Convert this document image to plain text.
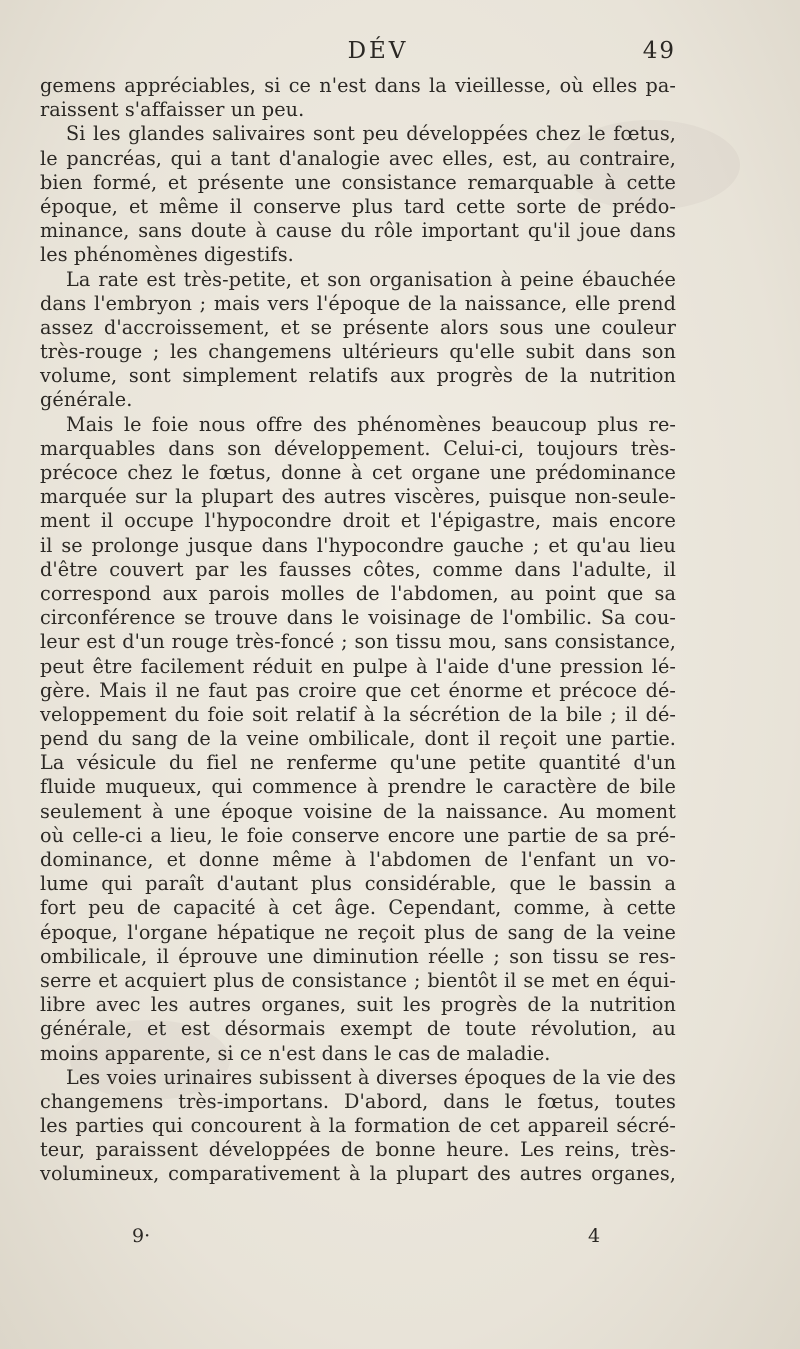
DÉV	49
gemens appréciables, si ce n'est dans la vieillesse, où elles pa-
raissent s'affaisser un peu.
Si les glandes salivaires sont peu développées chez le fœtus,
le pancréas, qui a tant d'analogie avec elles, est, au contraire,
bien formé, et présente une consistance remarquable à cette
époque, et même il conserve plus tard cette sorte de prédo-
minance, sans doute à cause du rôle important qu'il joue dans
les phénomènes digestifs.
La rate est très-petite, et son organisation à peine ébauchée
dans l'embryon ; mais vers l'époque de la naissance, elle prend
assez d'accroissement, et se présente alors sous une couleur
très-rouge ; les changemens ultérieurs qu'elle subit dans son
volume, sont simplement relatifs aux progrès de la nutrition
générale.
Mais le foie nous offre des phénomènes beaucoup plus re-
marquables dans son développement. Celui-ci, toujours très-
précoce chez le fœtus, donne à cet organe une prédominance
marquée sur la plupart des autres viscères, puisque non-seule-
ment il occupe l'hypocondre droit et l'épigastre, mais encore
il se prolonge jusque dans l'hypocondre gauche ; et qu'au lieu
d'être couvert par les fausses côtes, comme dans l'adulte, il
correspond aux parois molles de l'abdomen, au point que sa
circonférence se trouve dans le voisinage de l'ombilic. Sa cou-
leur est d'un rouge très-foncé ; son tissu mou, sans consistance,
peut être facilement réduit en pulpe à l'aide d'une pression lé-
gère. Mais il ne faut pas croire que cet énorme et précoce dé-
veloppement du foie soit relatif à la sécrétion de la bile ; il dé-
pend du sang de la veine ombilicale, dont il reçoit une partie.
La vésicule du fiel ne renferme qu'une petite quantité d'un
fluide muqueux, qui commence à prendre le caractère de bile
seulement à une époque voisine de la naissance. Au moment
où celle-ci a lieu, le foie conserve encore une partie de sa pré-
dominance, et donne même à l'abdomen de l'enfant un vo-
lume qui paraît d'autant plus considérable, que le bassin a
fort peu de capacité à cet âge. Cependant, comme, à cette
époque, l'organe hépatique ne reçoit plus de sang de la veine
ombilicale, il éprouve une diminution réelle ; son tissu se res-
serre et acquiert plus de consistance ; bientôt il se met en équi-
libre avec les autres organes, suit les progrès de la nutrition
générale, et est désormais exempt de toute révolution, au
moins apparente, si ce n'est dans le cas de maladie.
Les voies urinaires subissent à diverses époques de la vie des
changemens très-importans. D'abord, dans le fœtus, toutes
les parties qui concourent à la formation de cet appareil sécré-
teur, paraissent développées de bonne heure. Les reins, très-
volumineux, comparativement à la plupart des autres organes,
9·	4
